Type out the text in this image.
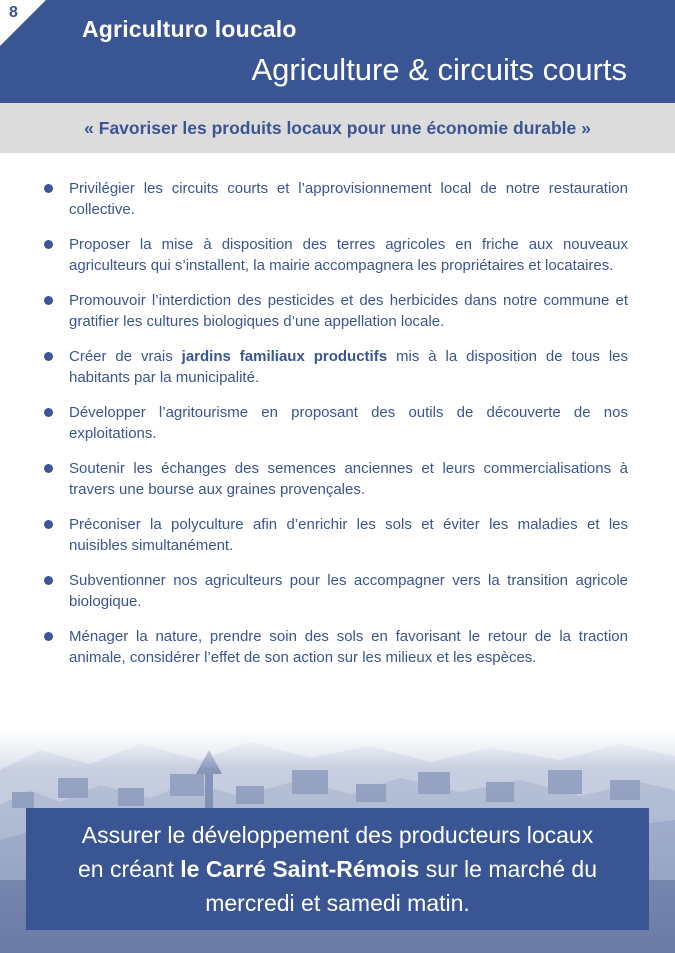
8
Agriculturo loucalo
Agriculture & circuits courts
« Favoriser les produits locaux pour une économie durable »
Privilégier les circuits courts et l’approvisionnement local de notre restauration collective.
Proposer la mise à disposition des terres agricoles en friche aux nouveaux agriculteurs qui s’installent, la mairie accompagnera les propriétaires et locataires.
Promouvoir l’interdiction des pesticides et des herbicides dans notre commune et gratifier les cultures biologiques d’une appellation locale.
Créer de vrais jardins familiaux productifs mis à la disposition de tous les habitants par la municipalité.
Développer l’agritourisme en proposant des outils de découverte de nos exploitations.
Soutenir les échanges des semences anciennes et leurs commercialisations à travers une bourse aux graines provençales.
Préconiser la polyculture afin d’enrichir les sols et éviter les maladies et les nuisibles simultanément.
Subventionner nos agriculteurs pour les accompagner vers la transition agricole biologique.
Ménager la nature, prendre soin des sols en favorisant le retour de la traction animale, considérer l’effet de son action sur les milieux et les espèces.
Assurer le développement des producteurs locaux
en créant le Carré Saint-Rémois sur le marché du
mercredi et samedi matin.
